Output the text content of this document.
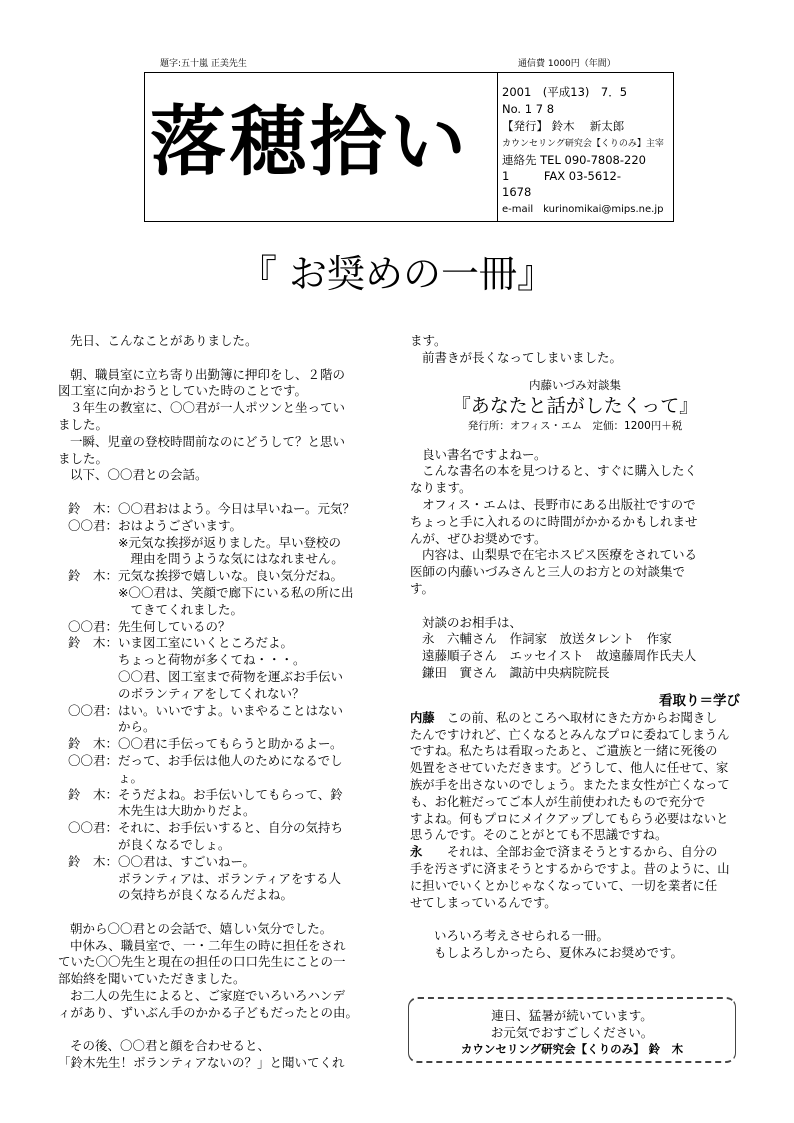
題字:五十嵐 正美先生	通信費 1000円（年間）
落穂拾い
2001　(平成13)　7．5
No. 1 7 8
【発行】 鈴木　 新太郎
カウンセリング研究会【くりのみ】主宰
連絡先 TEL 090-7808-220
1　　　FAX 03-5612-
1678
e-mail　kurinomikai@mips.ne.jp
『 お奨めの一冊』
先日、こんなことがありました。
朝、職員室に立ち寄り出勤簿に押印をし、２階の
図工室に向かおうとしていた時のことです。
３年生の教室に、〇〇君が一人ポツンと坐ってい
ました。
一瞬、児童の登校時間前なのにどうして？と思い
ました。
以下、〇〇君との会話。
鈴　木： 〇〇君おはよう。今日は早いねー。元気？
〇〇君： おはようございます。
※元気な挨拶が返りました。早い登校の
　理由を問うような気にはなれません。
鈴　木： 元気な挨拶で嬉しいな。良い気分だね。
※〇〇君は、笑顔で廊下にいる私の所に出
　てきてくれました。
〇〇君： 先生何しているの？
鈴　木： いま図工室にいくところだよ。
ちょっと荷物が多くてね・・・。
〇〇君、図工室まで荷物を運ぶお手伝い
のボランティアをしてくれない？
〇〇君： はい。いいですよ。いまやることはない
から。
鈴　木： 〇〇君に手伝ってもらうと助かるよー。
〇〇君： だって、お手伝は他人のためになるでし
ょ。
鈴　木： そうだよね。お手伝いしてもらって、鈴
木先生は大助かりだよ。
〇〇君： それに、お手伝いすると、自分の気持ち
が良くなるでしょ。
鈴　木： 〇〇君は、すごいねー。
ボランティアは、ボランティアをする人
の気持ちが良くなるんだよね。
朝から〇〇君との会話で、嬉しい気分でした。
中休み、職員室で、一・二年生の時に担任をされ
ていた〇〇先生と現在の担任の口口先生にことの一
部始終を聞いていただきました。
お二人の先生によると、ご家庭でいろいろハンデ
ィがあり、ずいぶん手のかかる子どもだったとの由。
その後、〇〇君と顔を合わせると、
「鈴木先生！ボランティアないの？」と聞いてくれ
ます。
前書きが長くなってしまいました。
内藤いづみ対談集
『あなたと話がしたくって』
発行所：オフィス・エム　定価：1200円＋税
良い書名ですよねー。
こんな書名の本を見つけると、すぐに購入したく
なります。
オフィス・エムは、長野市にある出版社ですので
ちょっと手に入れるのに時間がかかるかもしれませ
んが、ぜひお奨めです。
内容は、山梨県で在宅ホスピス医療をされている
医師の内藤いづみさんと三人のお方との対談集で
す。
対談のお相手は、
永　六輔さん　作詞家　放送タレント　作家
遠藤順子さん　エッセイスト　故遠藤周作氏夫人
鎌田　實さん　諏訪中央病院院長
看取り＝学び
内藤　この前、私のところへ取材にきた方からお聞きし
たんですけれど、亡くなるとみんなプロに委ねてしまうん
ですね。私たちは看取ったあと、ご遺族と一緒に死後の
処置をさせていただきます。どうして、他人に任せて、家
族が手を出さないのでしょう。またたま女性が亡くなって
も、お化粧だってご本人が生前使われたもので充分で
すよね。何もプロにメイクアップしてもらう必要はないと
思うんです。そのことがとても不思議ですね。
永　　それは、全部お金で済まそうとするから、自分の
手を汚さずに済まそうとするからですよ。昔のように、山
に担いでいくとかじゃなくなっていて、一切を業者に任
せてしまっているんです。
いろいろ考えさせられる一冊。
もしよろしかったら、夏休みにお奨めです。
連日、猛暑が続いています。
お元気でおすごしください。
カウンセリング研究会【くりのみ】 鈴　木
